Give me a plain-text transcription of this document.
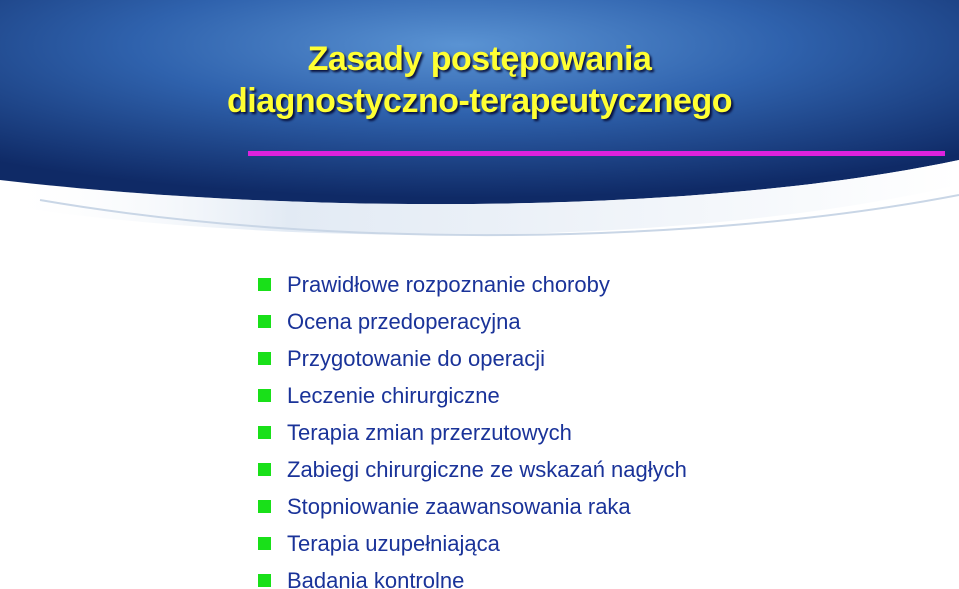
Zasady postępowania
diagnostyczno-terapeutycznego
Prawidłowe rozpoznanie choroby
Ocena przedoperacyjna
Przygotowanie do operacji
Leczenie chirurgiczne
Terapia zmian przerzutowych
Zabiegi chirurgiczne ze wskazań nagłych
Stopniowanie zaawansowania raka
Terapia uzupełniająca
Badania kontrolne
